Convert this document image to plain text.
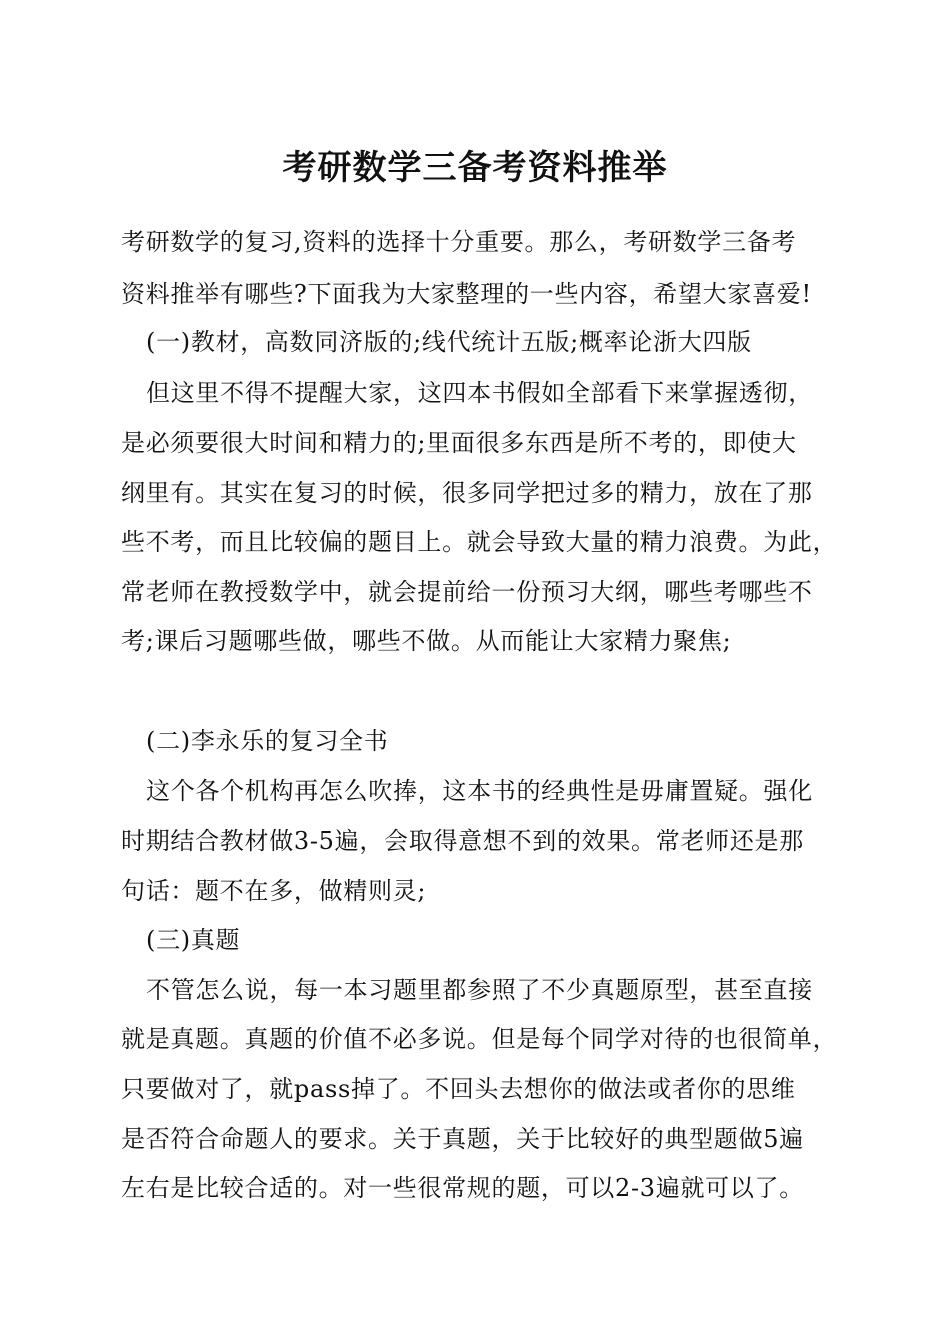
考研数学三备考资料推举
考研数学的复习,资料的选择十分重要。那么，考研数学三备考
资料推举有哪些?下面我为大家整理的一些内容，希望大家喜爱!
(一)教材，高数同济版的;线代统计五版;概率论浙大四版
但这里不得不提醒大家，这四本书假如全部看下来掌握透彻，
是必须要很大时间和精力的;里面很多东西是所不考的，即使大
纲里有。其实在复习的时候，很多同学把过多的精力，放在了那
些不考，而且比较偏的题目上。就会导致大量的精力浪费。为此，
常老师在教授数学中，就会提前给一份预习大纲，哪些考哪些不
考;课后习题哪些做，哪些不做。从而能让大家精力聚焦;
(二)李永乐的复习全书
这个各个机构再怎么吹捧，这本书的经典性是毋庸置疑。强化
时期结合教材做3-5遍，会取得意想不到的效果。常老师还是那
句话：题不在多，做精则灵;
(三)真题
不管怎么说，每一本习题里都参照了不少真题原型，甚至直接
就是真题。真题的价值不必多说。但是每个同学对待的也很简单，
只要做对了，就pass掉了。不回头去想你的做法或者你的思维
是否符合命题人的要求。关于真题，关于比较好的典型题做5遍
左右是比较合适的。对一些很常规的题，可以2-3遍就可以了。
